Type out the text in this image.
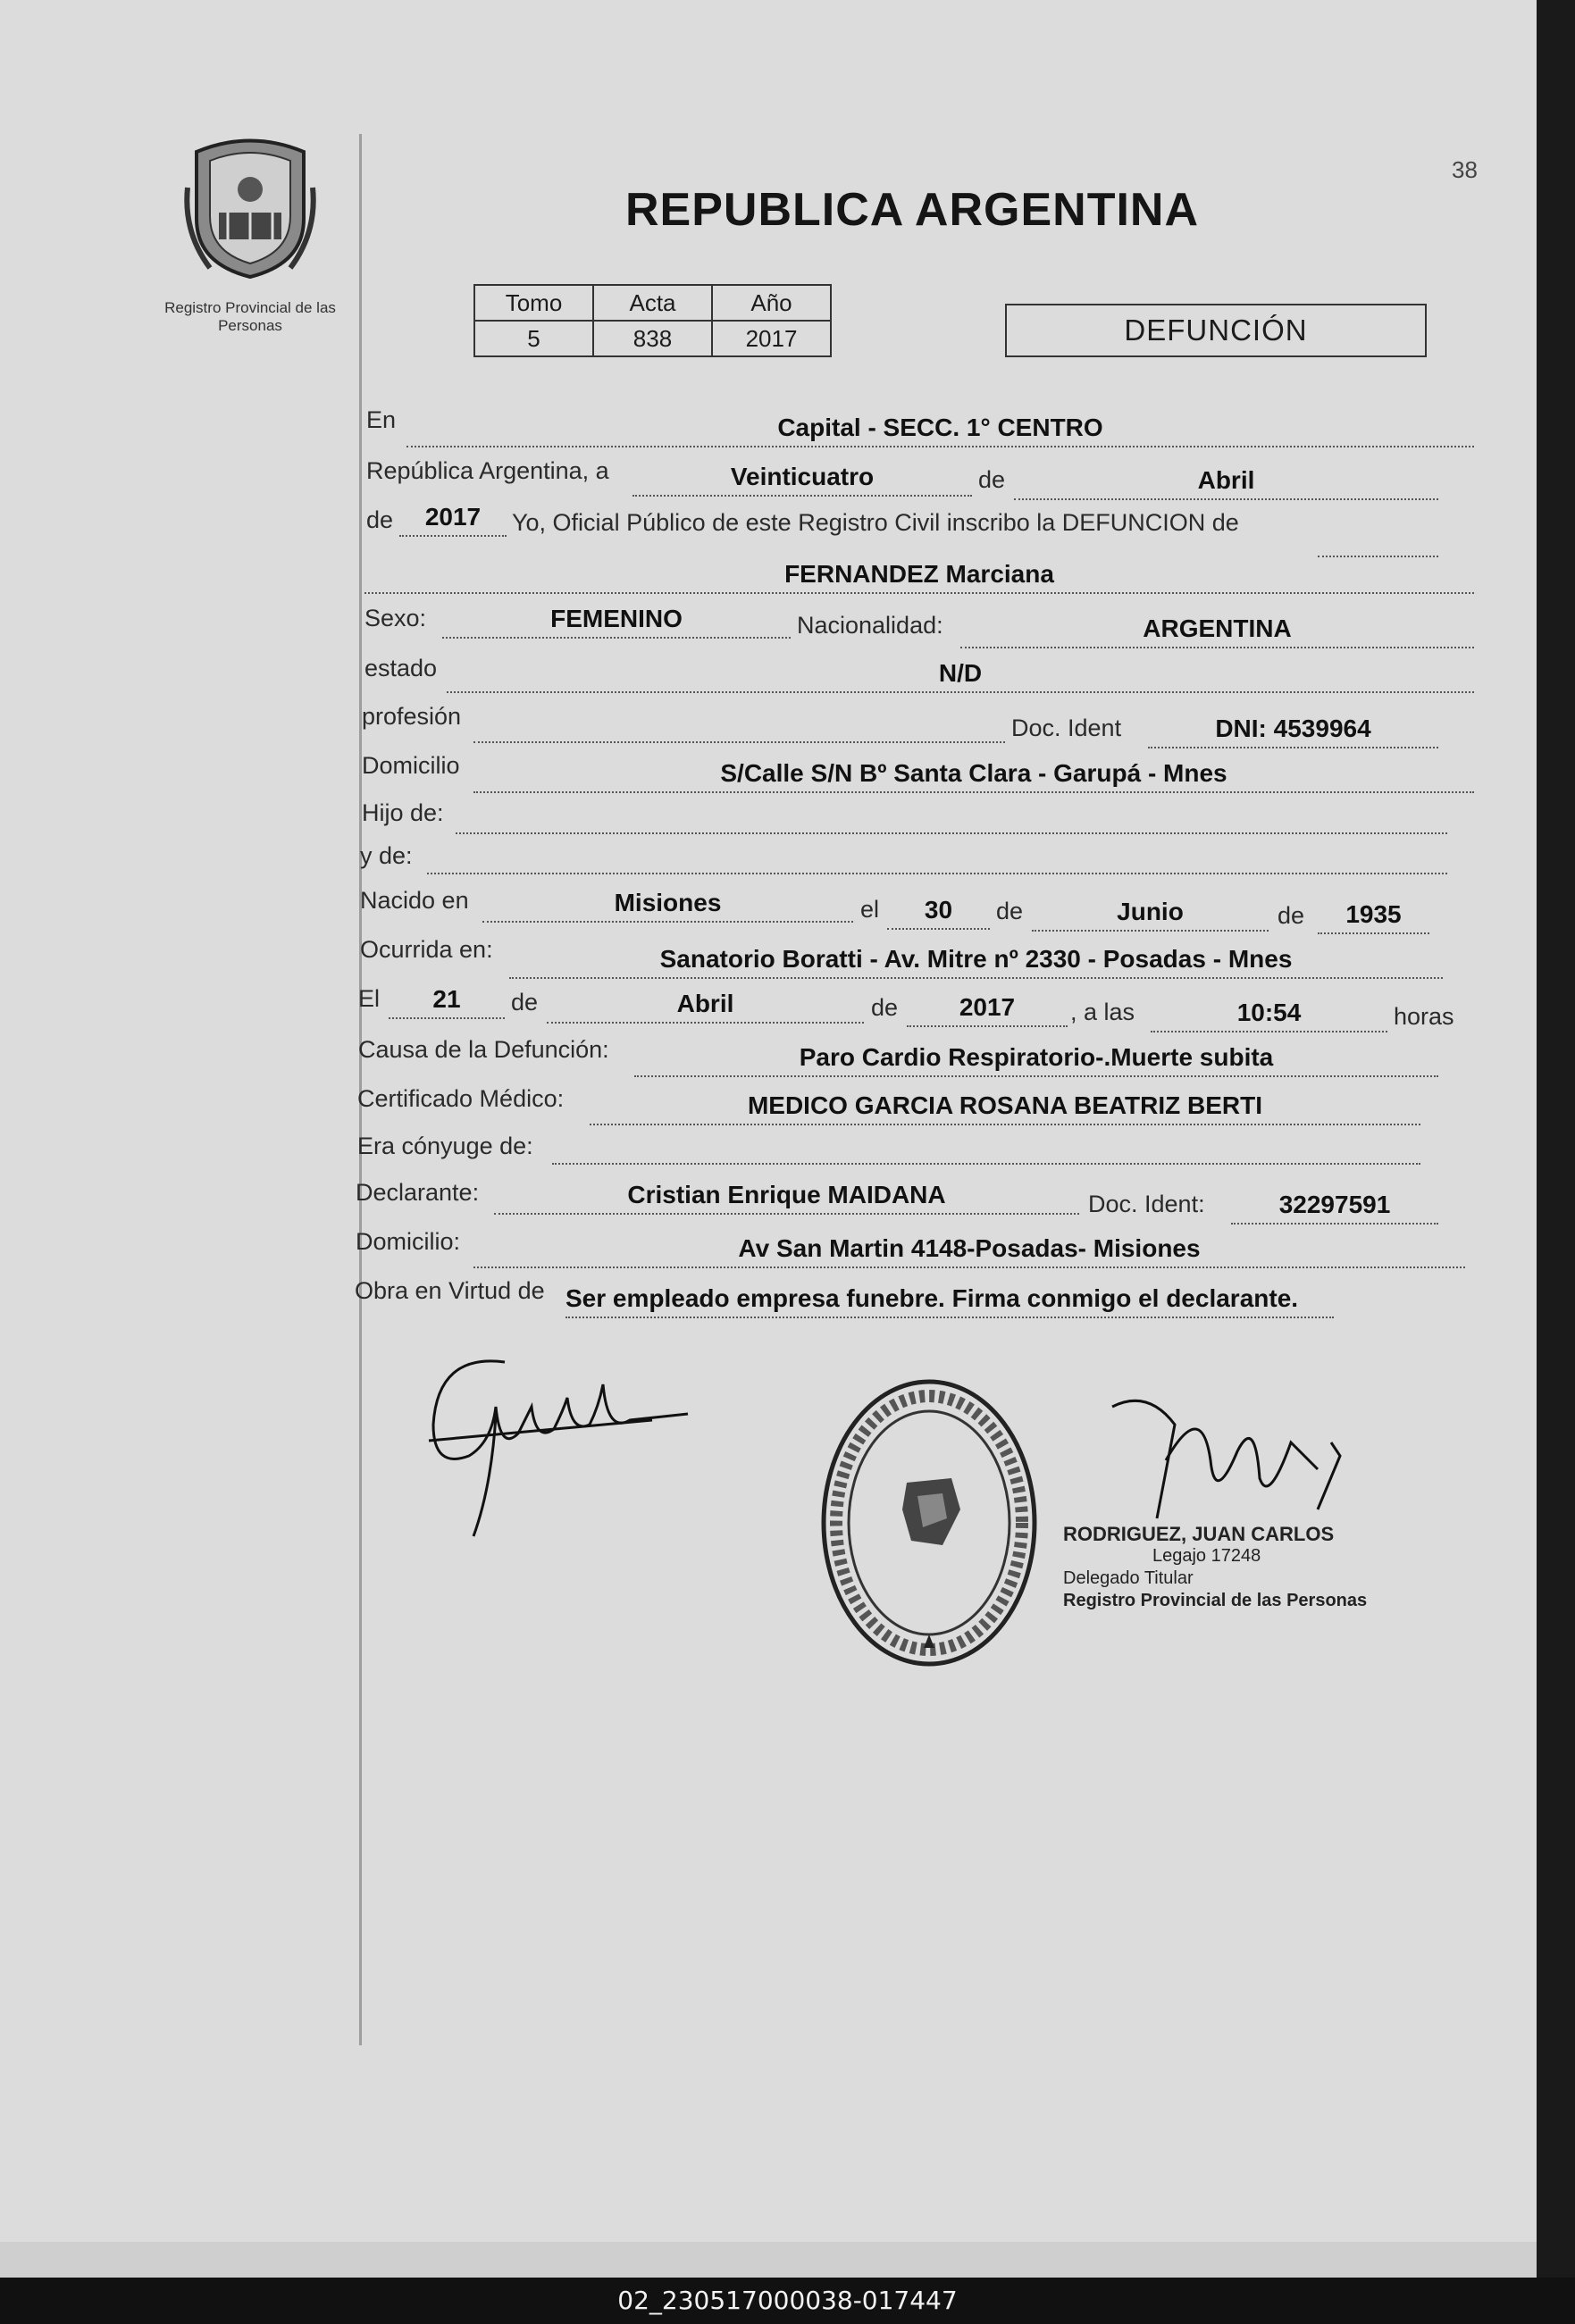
Registro Provincial de las Personas
38
REPUBLICA ARGENTINA
Tomo	Acta	Año
5	838	2017	DEFUNCIÓN
En	Capital - SECC. 1° CENTRO
República Argentina, a	Veinticuatro	de	Abril
de	2017	Yo, Oficial Público de este Registro Civil inscribo la DEFUNCION de
FERNANDEZ Marciana
Sexo:	FEMENINO	Nacionalidad:	ARGENTINA
estado	N/D
profesión	Doc. Ident	DNI: 4539964
Domicilio	S/Calle S/N Bº Santa Clara - Garupá - Mnes
Hijo de:
y de:
Nacido en	Misiones	el	30	de	Junio	de	1935
Ocurrida en:	Sanatorio Boratti - Av. Mitre nº 2330 - Posadas - Mnes
El	21	de	Abril	de	2017	, a las	10:54	horas
Causa de la Defunción:	Paro Cardio Respiratorio-.Muerte subita
Certificado Médico:	MEDICO GARCIA ROSANA BEATRIZ BERTI
Era cónyuge de:
Declarante:	Cristian Enrique MAIDANA	Doc. Ident:	32297591
Domicilio:	Av San Martin 4148-Posadas- Misiones
Obra en Virtud de Ser empleado empresa funebre. Firma conmigo el declarante.
RODRIGUEZ, JUAN CARLOS
Legajo 17248
Delegado Titular
Registro Provincial de las Personas
02_230517000038-017447
